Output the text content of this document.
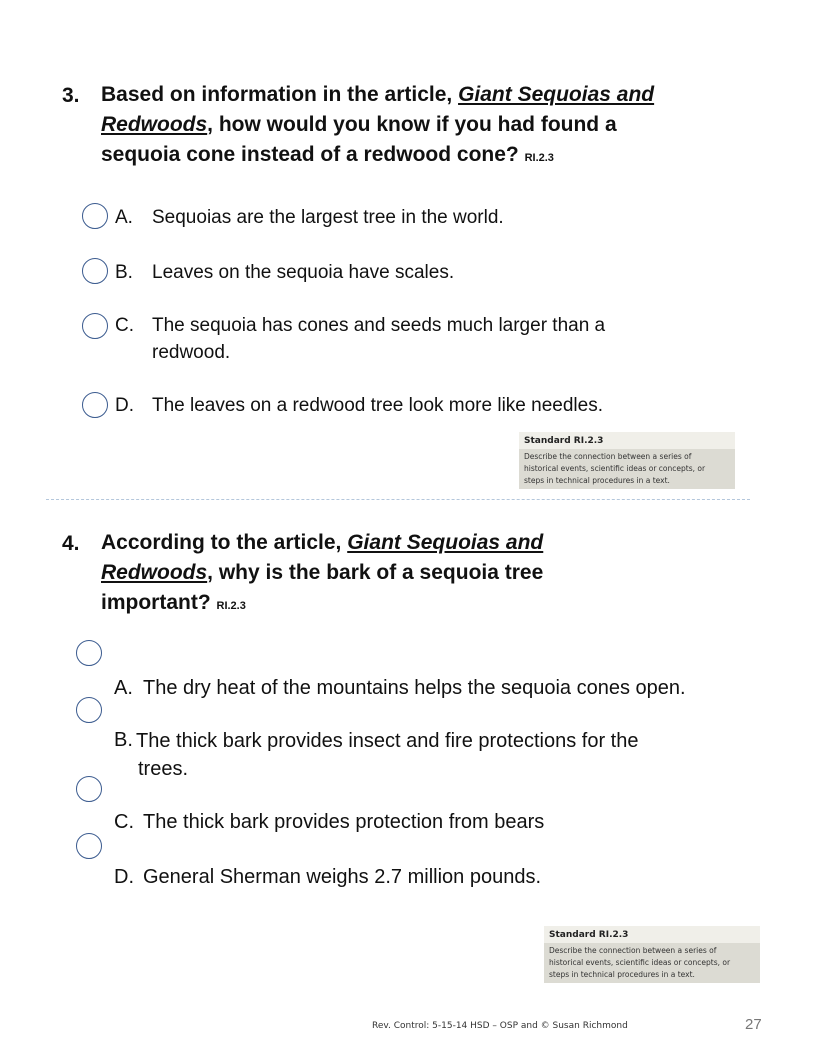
3. Based on information in the article, Giant Sequoias and
Redwoods, how would you know if you had found a
sequoia cone instead of a redwood cone? RI.2.3
A. Sequoias are the largest tree in the world.
B. Leaves on the sequoia have scales.
C. The sequoia has cones and seeds much larger than a
redwood.
D. The leaves on a redwood tree look more like needles.
Standard RI.2.3
Describe the connection between a series of
historical events, scientific ideas or concepts, or
steps in technical procedures in a text.
4. According to the article, Giant Sequoias and
Redwoods, why is the bark of a sequoia tree
important? RI.2.3
A. The dry heat of the mountains helps the sequoia cones open.
B. The thick bark provides insect and fire protections for the
trees.
C. The thick bark provides protection from bears
D. General Sherman weighs 2.7 million pounds.
Standard RI.2.3
Describe the connection between a series of
historical events, scientific ideas or concepts, or
steps in technical procedures in a text.
Rev. Control: 5-15-14 HSD – OSP and © Susan Richmond	27
